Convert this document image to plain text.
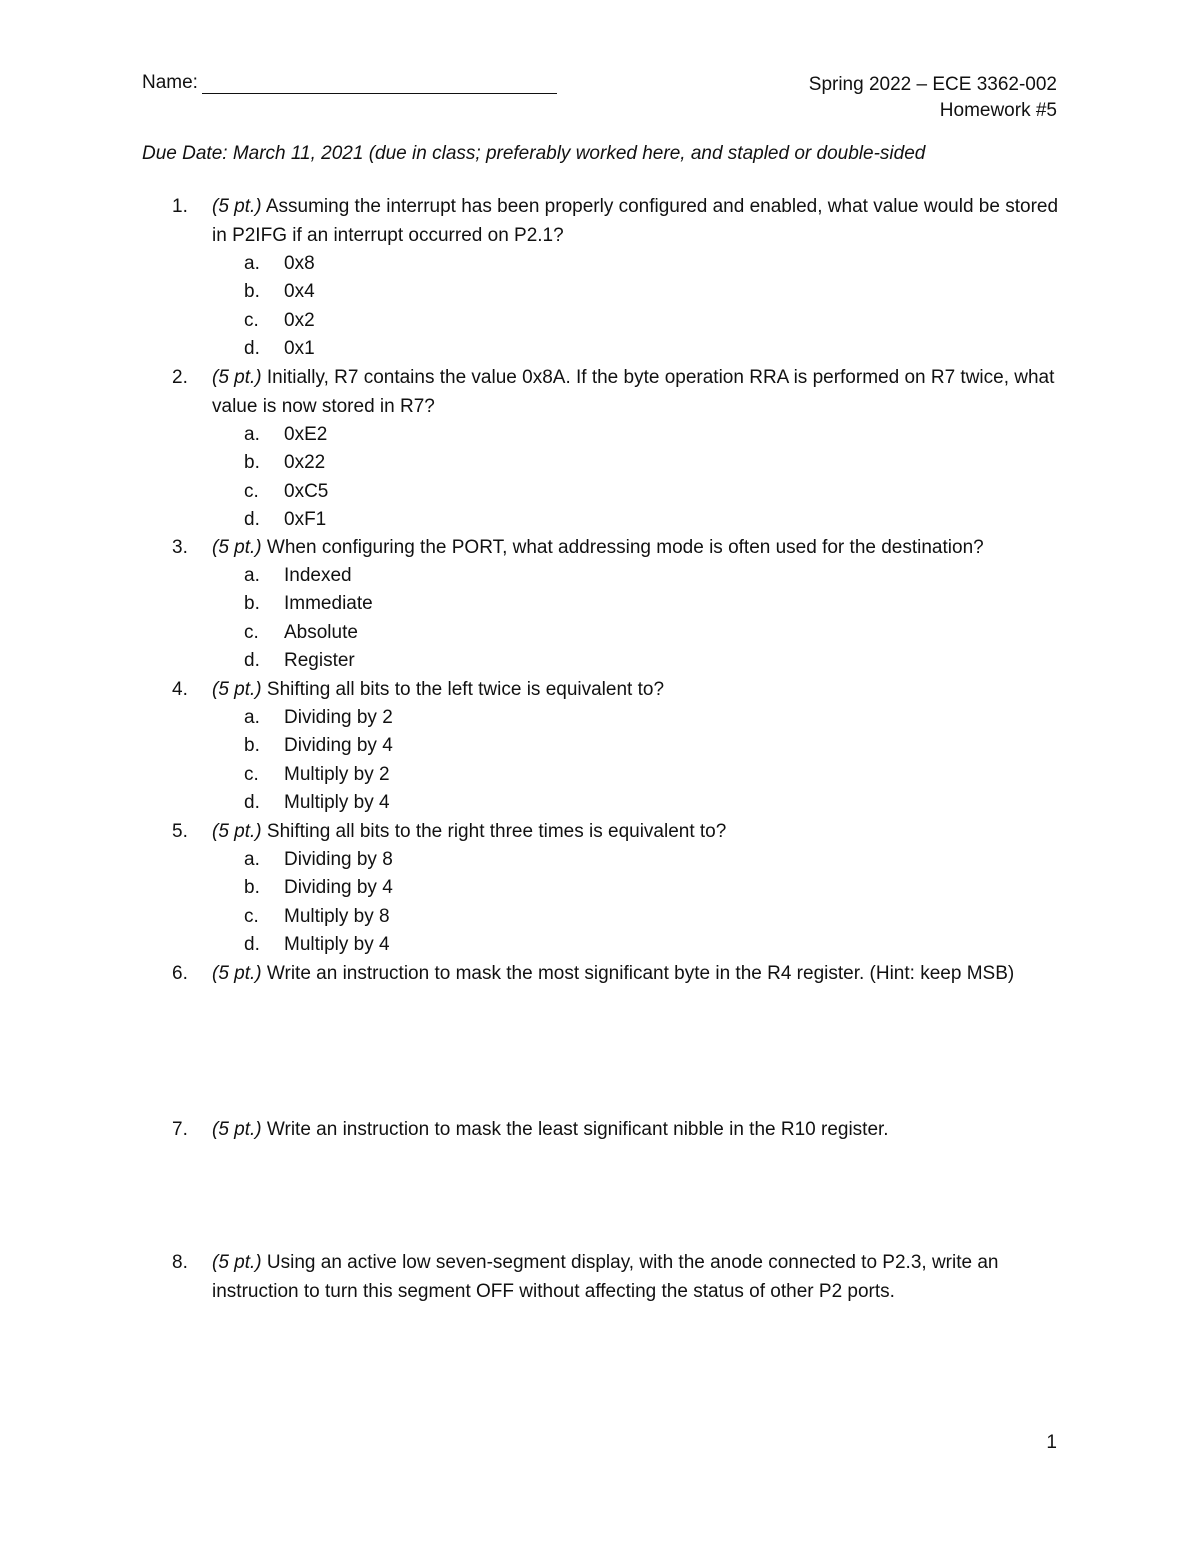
Name:	Spring 2022 – ECE 3362-002
Homework #5
Due Date: March 11, 2021 (due in class; preferably worked here, and stapled or double-sided
1.	(5 pt.) Assuming the interrupt has been properly configured and enabled, what value would be stored in P2IFG if an interrupt occurred on P2.1?
a.	0x8
b.	0x4
c.	0x2
d.	0x1
2.	(5 pt.) Initially, R7 contains the value 0x8A. If the byte operation RRA is performed on R7 twice, what value is now stored in R7?
a.	0xE2
b.	0x22
c.	0xC5
d.	0xF1
3.	(5 pt.) When configuring the PORT, what addressing mode is often used for the destination?
a.	Indexed
b.	Immediate
c.	Absolute
d.	Register
4.	(5 pt.) Shifting all bits to the left twice is equivalent to?
a.	Dividing by 2
b.	Dividing by 4
c.	Multiply by 2
d.	Multiply by 4
5.	(5 pt.) Shifting all bits to the right three times is equivalent to?
a.	Dividing by 8
b.	Dividing by 4
c.	Multiply by 8
d.	Multiply by 4
6.	(5 pt.) Write an instruction to mask the most significant byte in the R4 register. (Hint: keep MSB)
7.	(5 pt.) Write an instruction to mask the least significant nibble in the R10 register.
8.	(5 pt.) Using an active low seven-segment display, with the anode connected to P2.3, write an instruction to turn this segment OFF without affecting the status of other P2 ports.
1
